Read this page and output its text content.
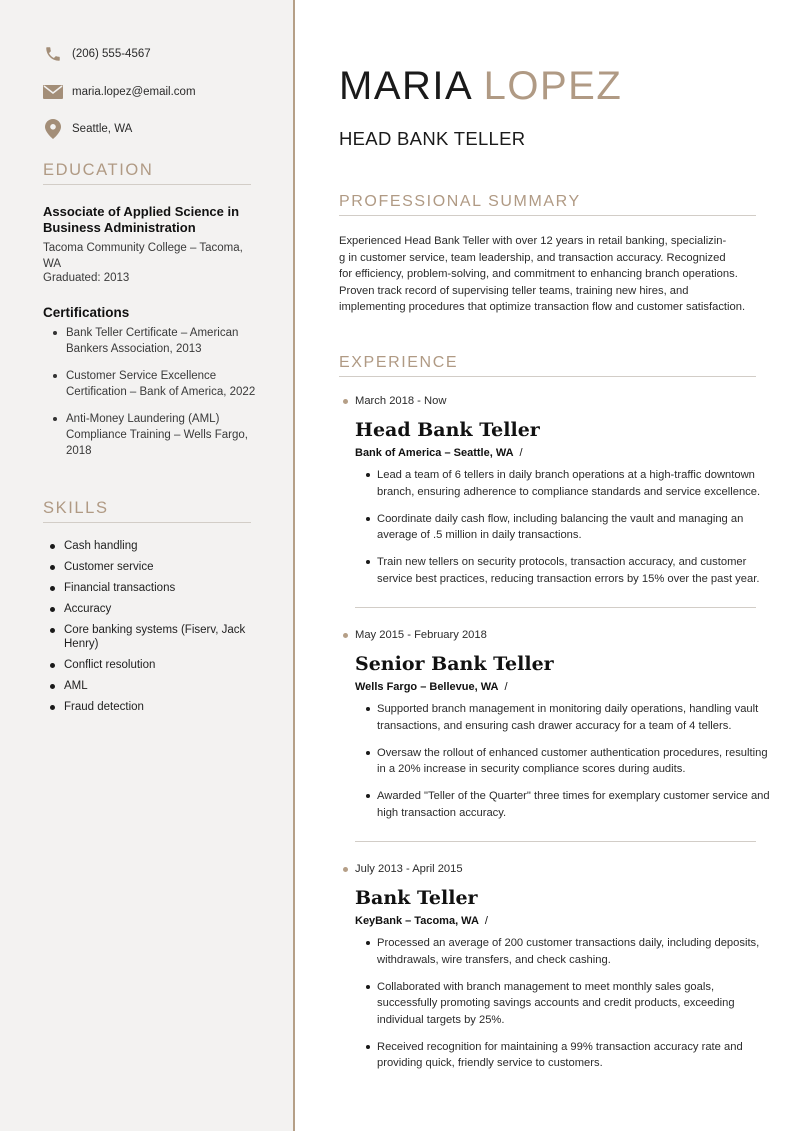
(206) 555-4567
maria.lopez@email.com
Seattle, WA
EDUCATION
Associate of Applied Science in Business Administration
Tacoma Community College – Tacoma, WA
Graduated: 2013
Certifications
Bank Teller Certificate – American Bankers Association, 2013
Customer Service Excellence Certification – Bank of America, 2022
Anti-Money Laundering (AML) Compliance Training – Wells Fargo, 2018
SKILLS
Cash handling
Customer service
Financial transactions
Accuracy
Core banking systems (Fiserv, Jack Henry)
Conflict resolution
AML
Fraud detection
MARIA LOPEZ
HEAD BANK TELLER
PROFESSIONAL SUMMARY
Experienced Head Bank Teller with over 12 years in retail banking, specializin-
g in customer service, team leadership, and transaction accuracy. Recognized
for efficiency, problem-solving, and commitment to enhancing branch operations.
Proven track record of supervising teller teams, training new hires, and
implementing procedures that optimize transaction flow and customer satisfaction.
EXPERIENCE
March 2018 - Now
Head Bank Teller
Bank of America – Seattle, WA /
Lead a team of 6 tellers in daily branch operations at a high-traffic downtown branch, ensuring adherence to compliance standards and service excellence.
Coordinate daily cash flow, including balancing the vault and managing an average of .5 million in daily transactions.
Train new tellers on security protocols, transaction accuracy, and customer service best practices, reducing transaction errors by 15% over the past year.
May 2015 - February 2018
Senior Bank Teller
Wells Fargo – Bellevue, WA /
Supported branch management in monitoring daily operations, handling vault transactions, and ensuring cash drawer accuracy for a team of 4 tellers.
Oversaw the rollout of enhanced customer authentication procedures, resulting in a 20% increase in security compliance scores during audits.
Awarded "Teller of the Quarter" three times for exemplary customer service and high transaction accuracy.
July 2013 - April 2015
Bank Teller
KeyBank – Tacoma, WA /
Processed an average of 200 customer transactions daily, including deposits, withdrawals, wire transfers, and check cashing.
Collaborated with branch management to meet monthly sales goals, successfully promoting savings accounts and credit products, exceeding individual targets by 25%.
Received recognition for maintaining a 99% transaction accuracy rate and providing quick, friendly service to customers.
